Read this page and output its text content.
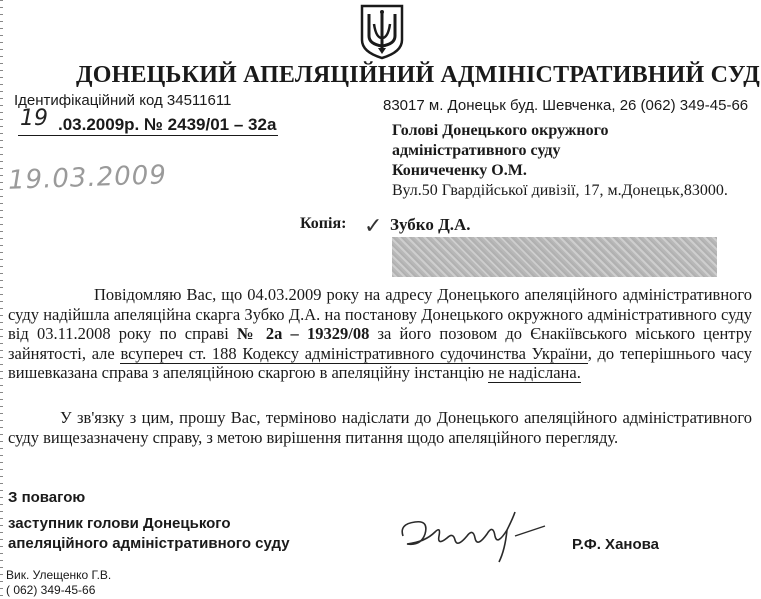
ДОНЕЦЬКИЙ АПЕЛЯЦІЙНИЙ АДМІНІСТРАТИВНИЙ СУД
Ідентифікаційний код 34511611	83017 м. Донецьк буд. Шевченка, 26 (062) 349-45-66
19 .03.2009р. № 2439/01 – 32а	Голові Донецького окружного
адміністративного суду
Коничеченку О.М.
Вул.50 Гвардійської дивізії, 17, м.Донецьк,83000.
19.03.2009
Копія: ✓ Зубко Д.А.
Повідомляю Вас, що 04.03.2009 року на адресу Донецького апеляційного адміністративного суду надійшла апеляційна скарга Зубко Д.А. на постанову Донецького окружного адміністративного суду від 03.11.2008 року по справі № 2а – 19329/08 за його позовом до Єнакіївського міського центру зайнятості, але всупереч ст. 188 Кодексу адміністративного судочинства України, до теперішнього часу вишевказана справа з апеляційною скаргою в апеляційну інстанцію не надіслана.
У зв'язку з цим, прошу Вас, терміново надіслати до Донецького апеляційного адміністративного суду вищезазначену справу, з метою вирішення питання щодо апеляційного перегляду.
З повагою
заступник голови Донецького
апеляційного адміністративного суду	Р.Ф. Ханова
Вик. Улещенко Г.В.
( 062) 349-45-66
